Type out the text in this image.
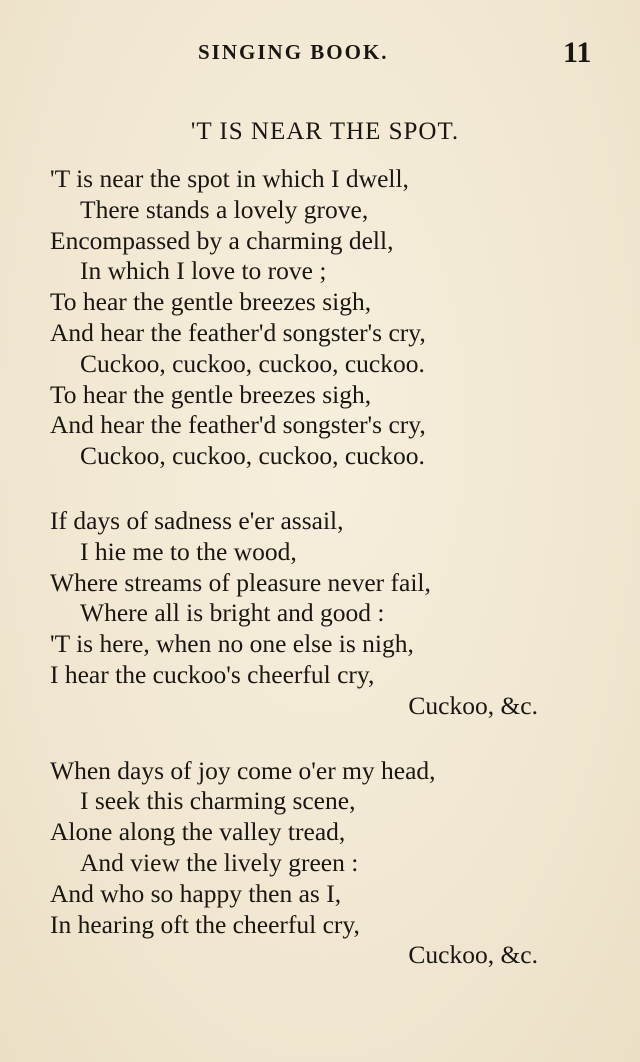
SINGING BOOK.	11
'T IS NEAR THE SPOT.
'T is near the spot in which I dwell,
There stands a lovely grove,
Encompassed by a charming dell,
In which I love to rove ;
To hear the gentle breezes sigh,
And hear the feather'd songster's cry,
Cuckoo, cuckoo, cuckoo, cuckoo.
To hear the gentle breezes sigh,
And hear the feather'd songster's cry,
Cuckoo, cuckoo, cuckoo, cuckoo.
If days of sadness e'er assail,
I hie me to the wood,
Where streams of pleasure never fail,
Where all is bright and good :
'T is here, when no one else is nigh,
I hear the cuckoo's cheerful cry,
Cuckoo, &c.
When days of joy come o'er my head,
I seek this charming scene,
Alone along the valley tread,
And view the lively green :
And who so happy then as I,
In hearing oft the cheerful cry,
Cuckoo, &c.
